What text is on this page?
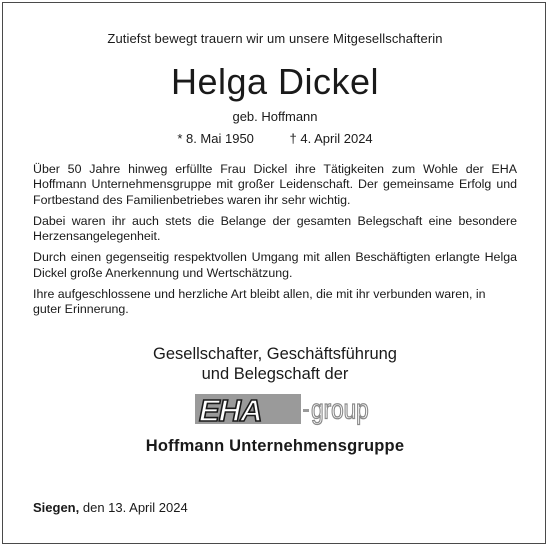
Zutiefst bewegt trauern wir um unsere Mitgesellschafterin
Helga Dickel
geb. Hoffmann
* 8. Mai 1950	† 4. April 2024

Über 50 Jahre hinweg erfüllte Frau Dickel ihre Tätigkeiten zum Wohle der EHA Hoffmann Unternehmensgruppe mit großer Leidenschaft. Der gemeinsame Erfolg und Fortbestand des Familienbetriebes waren ihr sehr wichtig.

Dabei waren ihr auch stets die Belange der gesamten Belegschaft eine besondere Herzensangelegenheit.

Durch einen gegenseitig respektvollen Umgang mit allen Beschäftigten erlangte Helga Dickel große Anerkennung und Wertschätzung.

Ihre aufgeschlossene und herzliche Art bleibt allen, die mit ihr verbunden waren, in guter Erinnerung.

Gesellschafter, Geschäftsführung
und Belegschaft der
EHA group
Hoffmann Unternehmensgruppe
Siegen, den 13. April 2024
